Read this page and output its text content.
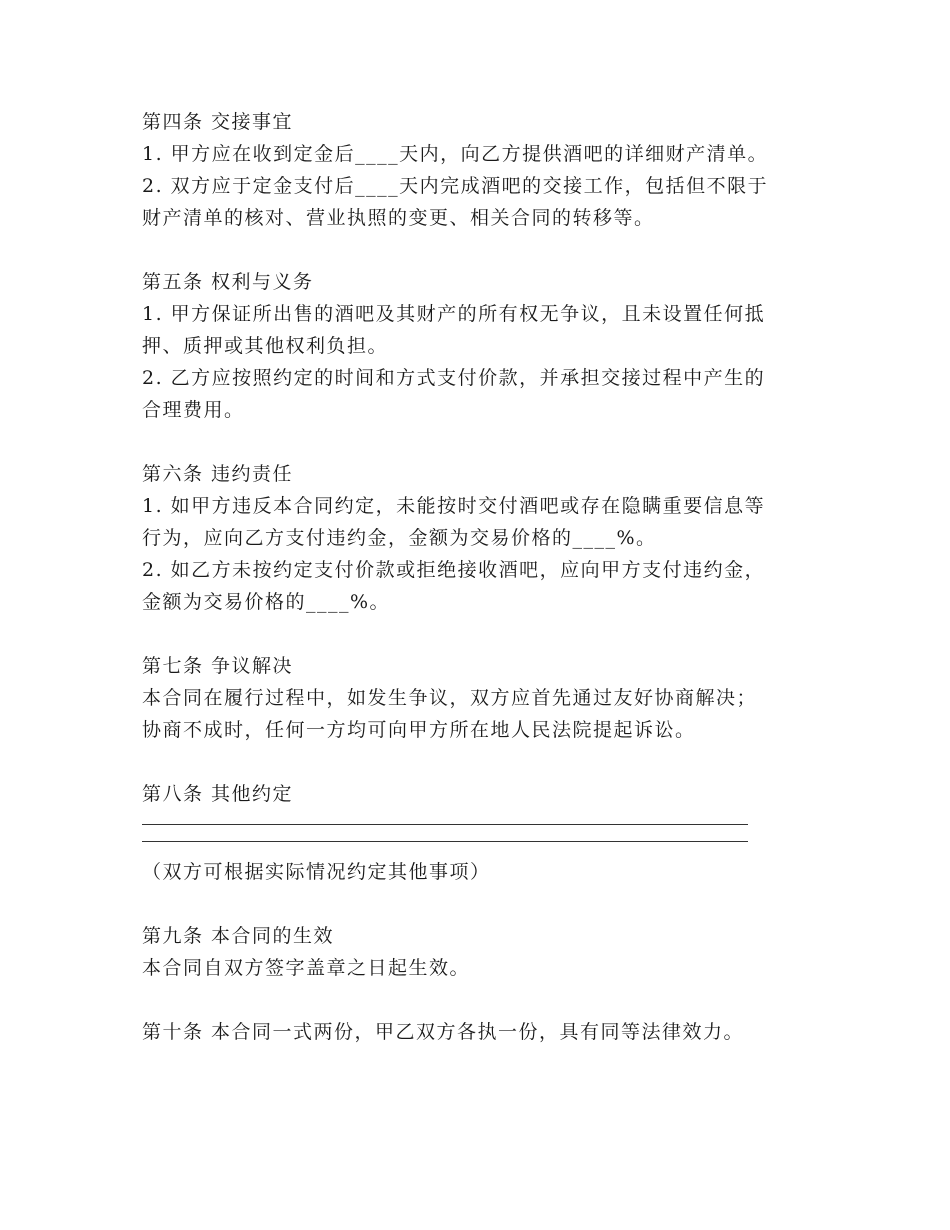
第四条 交接事宜
1. 甲方应在收到定金后____天内，向乙方提供酒吧的详细财产清单。
2. 双方应于定金支付后____天内完成酒吧的交接工作，包括但不限于
财产清单的核对、营业执照的变更、相关合同的转移等。
第五条 权利与义务
1. 甲方保证所出售的酒吧及其财产的所有权无争议，且未设置任何抵
押、质押或其他权利负担。
2. 乙方应按照约定的时间和方式支付价款，并承担交接过程中产生的
合理费用。
第六条 违约责任
1. 如甲方违反本合同约定，未能按时交付酒吧或存在隐瞒重要信息等
行为，应向乙方支付违约金，金额为交易价格的____%。
2. 如乙方未按约定支付价款或拒绝接收酒吧，应向甲方支付违约金，
金额为交易价格的____%。
第七条 争议解决
本合同在履行过程中，如发生争议，双方应首先通过友好协商解决；
协商不成时，任何一方均可向甲方所在地人民法院提起诉讼。
第八条 其他约定
（双方可根据实际情况约定其他事项）
第九条 本合同的生效
本合同自双方签字盖章之日起生效。
第十条 本合同一式两份，甲乙双方各执一份，具有同等法律效力。
